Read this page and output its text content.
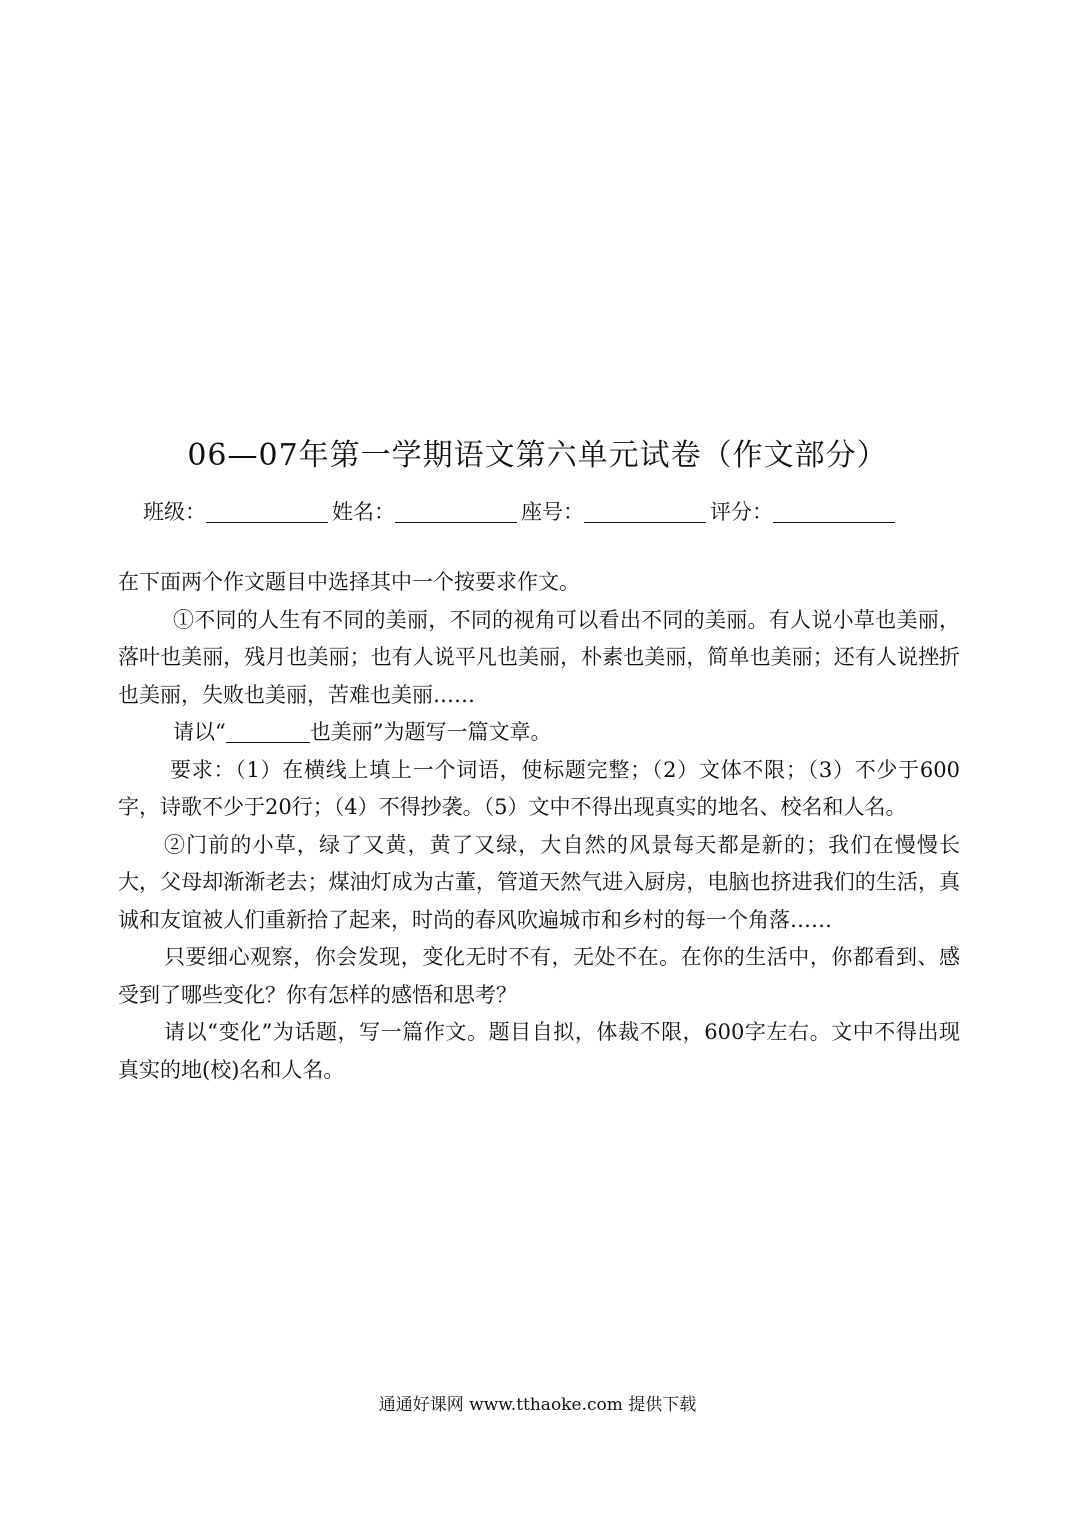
06—07年第一学期语文第六单元试卷（作文部分）
班级：	姓名：	座号：	评分：

在下面两个作文题目中选择其中一个按要求作文。

①不同的人生有不同的美丽，不同的视角可以看出不同的美丽。有人说小草也美丽，落叶也美丽，残月也美丽；也有人说平凡也美丽，朴素也美丽，简单也美丽；还有人说挫折也美丽，失败也美丽，苦难也美丽……

请以“	也美丽”为题写一篇文章。

要求：（1）在横线上填上一个词语，使标题完整；（2）文体不限；（3）不少于600字，诗歌不少于20行；（4）不得抄袭。（5）文中不得出现真实的地名、校名和人名。

②门前的小草，绿了又黄，黄了又绿，大自然的风景每天都是新的；我们在慢慢长大，父母却渐渐老去；煤油灯成为古董，管道天然气进入厨房，电脑也挤进我们的生活，真诚和友谊被人们重新拾了起来，时尚的春风吹遍城市和乡村的每一个角落……

只要细心观察，你会发现，变化无时不有，无处不在。在你的生活中，你都看到、感受到了哪些变化？你有怎样的感悟和思考？

请以“变化”为话题，写一篇作文。题目自拟，体裁不限，600字左右。文中不得出现真实的地(校)名和人名。

通通好课网 www.tthaoke.com 提供下载
